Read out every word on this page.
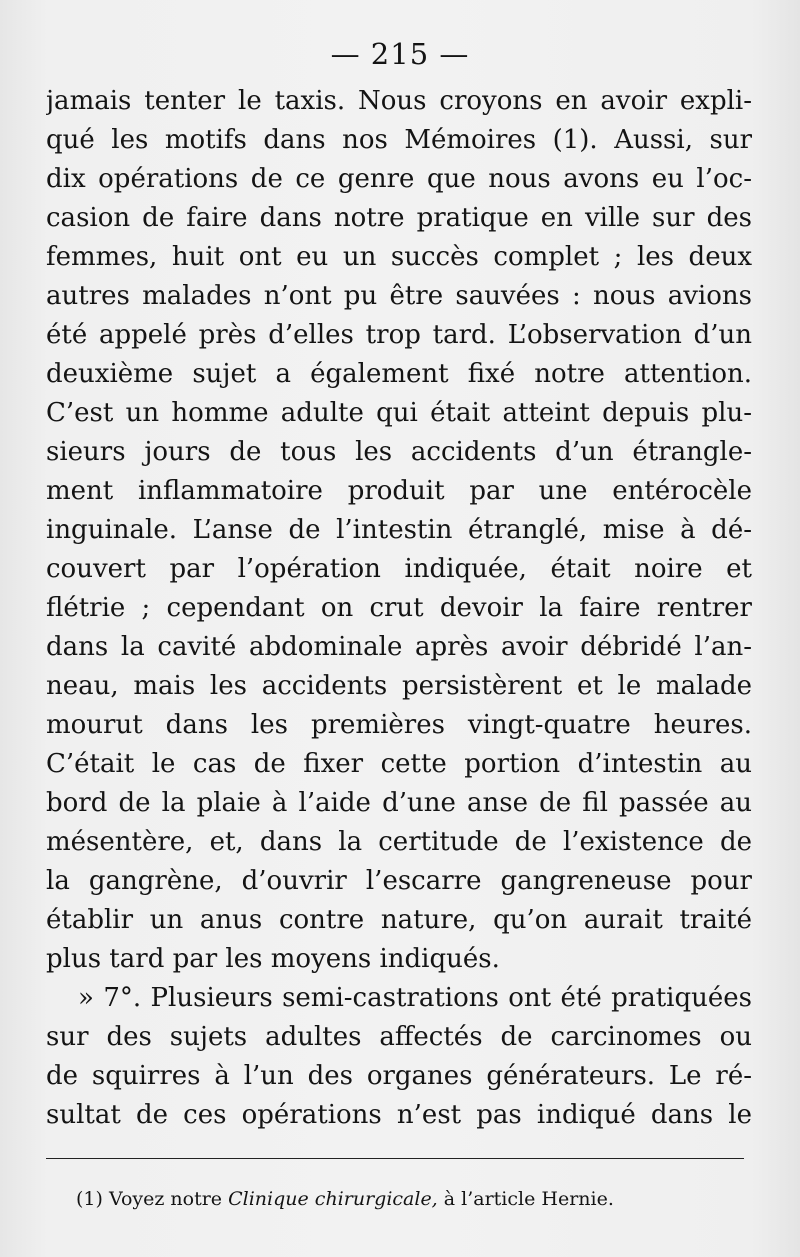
— 215 —
jamais tenter le taxis. Nous croyons en avoir expli-
qué les motifs dans nos Mémoires (1). Aussi, sur
dix opérations de ce genre que nous avons eu l’oc-
casion de faire dans notre pratique en ville sur des
femmes, huit ont eu un succès complet ; les deux
autres malades n’ont pu être sauvées : nous avions
été appelé près d’elles trop tard. L’observation d’un
deuxième sujet a également fixé notre attention.
C’est un homme adulte qui était atteint depuis plu-
sieurs jours de tous les accidents d’un étrangle-
ment inflammatoire produit par une entérocèle
inguinale. L’anse de l’intestin étranglé, mise à dé-
couvert par l’opération indiquée, était noire et
flétrie ; cependant on crut devoir la faire rentrer
dans la cavité abdominale après avoir débridé l’an-
neau, mais les accidents persistèrent et le malade
mourut dans les premières vingt-quatre heures.
C’était le cas de fixer cette portion d’intestin au
bord de la plaie à l’aide d’une anse de fil passée au
mésentère, et, dans la certitude de l’existence de
la gangrène, d’ouvrir l’escarre gangreneuse pour
établir un anus contre nature, qu’on aurait traité
plus tard par les moyens indiqués.
» 7°. Plusieurs semi-castrations ont été pratiquées
sur des sujets adultes affectés de carcinomes ou
de squirres à l’un des organes générateurs. Le ré-
sultat de ces opérations n’est pas indiqué dans le
(1) Voyez notre Clinique chirurgicale, à l’article Hernie.
